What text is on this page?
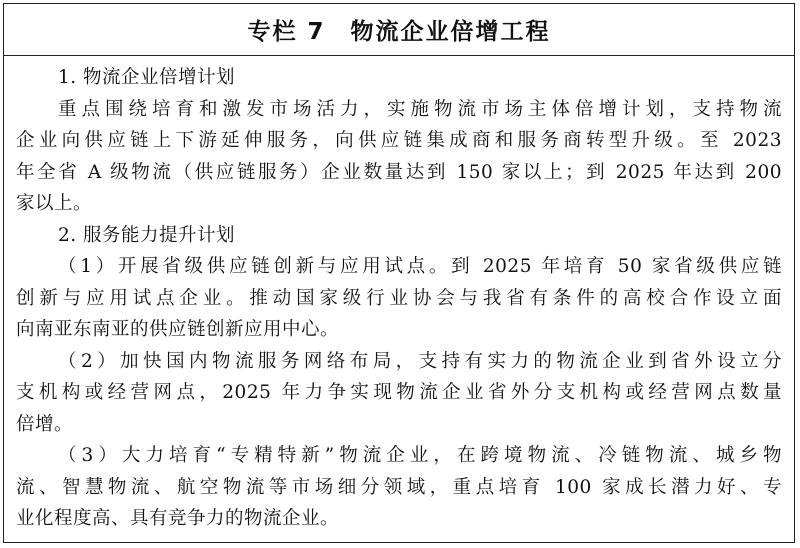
专栏 7　物流企业倍增工程
1. 物流企业倍增计划
重点围绕培育和激发市场活力，实施物流市场主体倍增计划，支持物流
企业向供应链上下游延伸服务，向供应链集成商和服务商转型升级。至 2023
年全省 A 级物流（供应链服务）企业数量达到 150 家以上；到 2025 年达到 200
家以上。
2. 服务能力提升计划
（1）开展省级供应链创新与应用试点。到 2025 年培育 50 家省级供应链
创新与应用试点企业。推动国家级行业协会与我省有条件的高校合作设立面
向南亚东南亚的供应链创新应用中心。
（2）加快国内物流服务网络布局，支持有实力的物流企业到省外设立分
支机构或经营网点，2025 年力争实现物流企业省外分支机构或经营网点数量
倍增。
（3）大力培育“专精特新”物流企业，在跨境物流、冷链物流、城乡物
流、智慧物流、航空物流等市场细分领域，重点培育 100 家成长潜力好、专
业化程度高、具有竞争力的物流企业。
